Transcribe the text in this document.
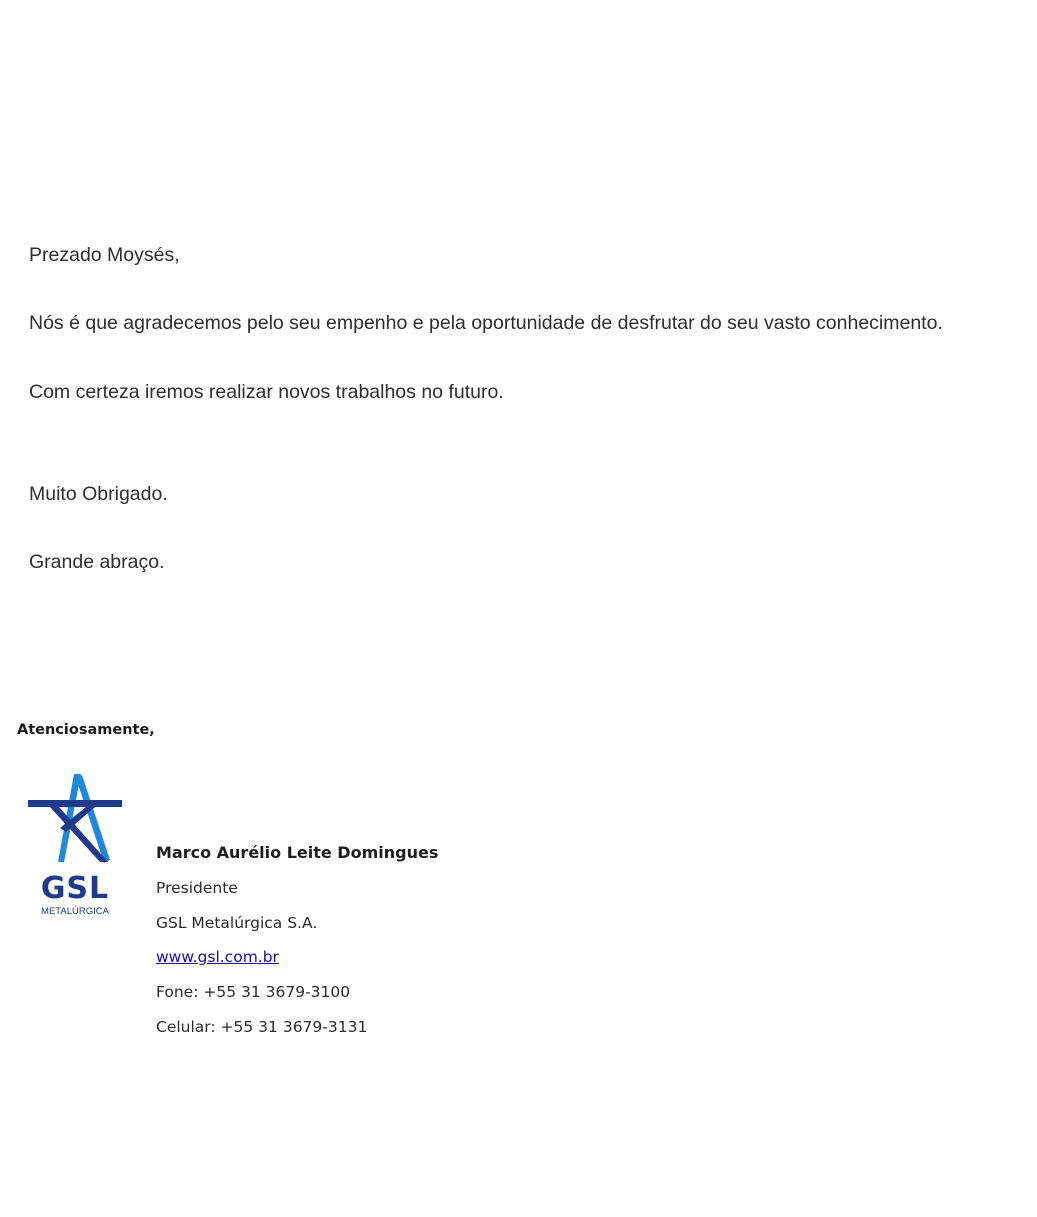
Prezado Moysés,
Nós é que agradecemos pelo seu empenho e pela oportunidade de desfrutar do seu vasto conhecimento.
Com certeza iremos realizar novos trabalhos no futuro.
Muito Obrigado.
Grande abraço.
Atenciosamente,
GSL
METALÚRGICA
Marco Aurélio Leite Domingues
Presidente
GSL Metalúrgica S.A.
www.gsl.com.br
Fone: +55 31 3679-3100
Celular: +55 31 3679-3131
